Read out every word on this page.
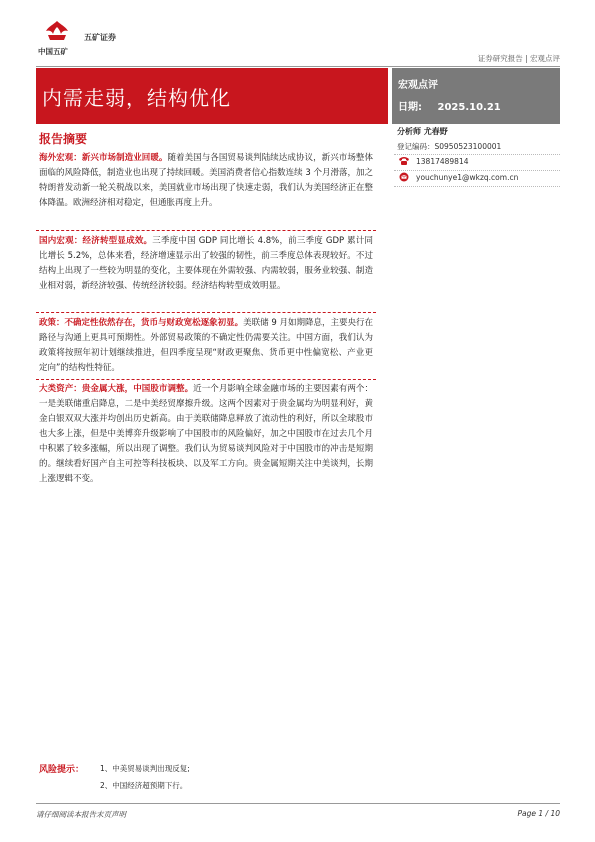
中国五矿
五矿证券
证券研究报告 | 宏观点评
内需走弱，结构优化
宏观点评
日期: 2025.10.21
报告摘要
海外宏观：新兴市场制造业回暖。随着美国与各国贸易谈判陆续达成协议，新兴市场整体面临的风险降低，制造业也出现了持续回暖。美国消费者信心指数连续 3 个月滑落，加之特朗普发动新一轮关税战以来，美国就业市场出现了快速走弱，我们认为美国经济正在整体降温。欧洲经济相对稳定，但通胀再度上升。
国内宏观：经济转型显成效。三季度中国 GDP 同比增长 4.8%，前三季度 GDP 累计同比增长 5.2%，总体来看，经济增速显示出了较强的韧性，前三季度总体表现较好。不过结构上出现了一些较为明显的变化，主要体现在外需较强、内需较弱，服务业较强、制造业相对弱，新经济较强、传统经济较弱。经济结构转型成效明显。
政策：不确定性依然存在，货币与财政宽松逐象初显。美联储 9 月如期降息，主要央行在路径与沟通上更具可预期性。外部贸易政策的不确定性仍需要关注。中国方面，我们认为政策将按照年初计划继续推进，但四季度呈现“财政更聚焦、货币更中性偏宽松、产业更定向”的结构性特征。
大类资产：贵金属大涨，中国股市调整。近一个月影响全球金融市场的主要因素有两个：一是美联储重启降息，二是中美经贸摩擦升级。这两个因素对于贵金属均为明显利好，黄金白银双双大涨并均创出历史新高。由于美联储降息释放了流动性的利好，所以全球股市也大多上涨，但是中美博弈升级影响了中国股市的风险偏好，加之中国股市在过去几个月中积累了较多涨幅，所以出现了调整。我们认为贸易谈判风险对于中国股市的冲击是短期的。继续看好国产自主可控等科技板块、以及军工方向。贵金属短期关注中美谈判，长期上涨逻辑不变。
分析师 尤春野
登记编码：S0950523100001
13817489814
youchunye1@wkzq.com.cn
风险提示： 1、中美贸易谈判出现反复;
2、中国经济超预期下行。
请仔细阅读本报告末页声明	Page 1 / 10
